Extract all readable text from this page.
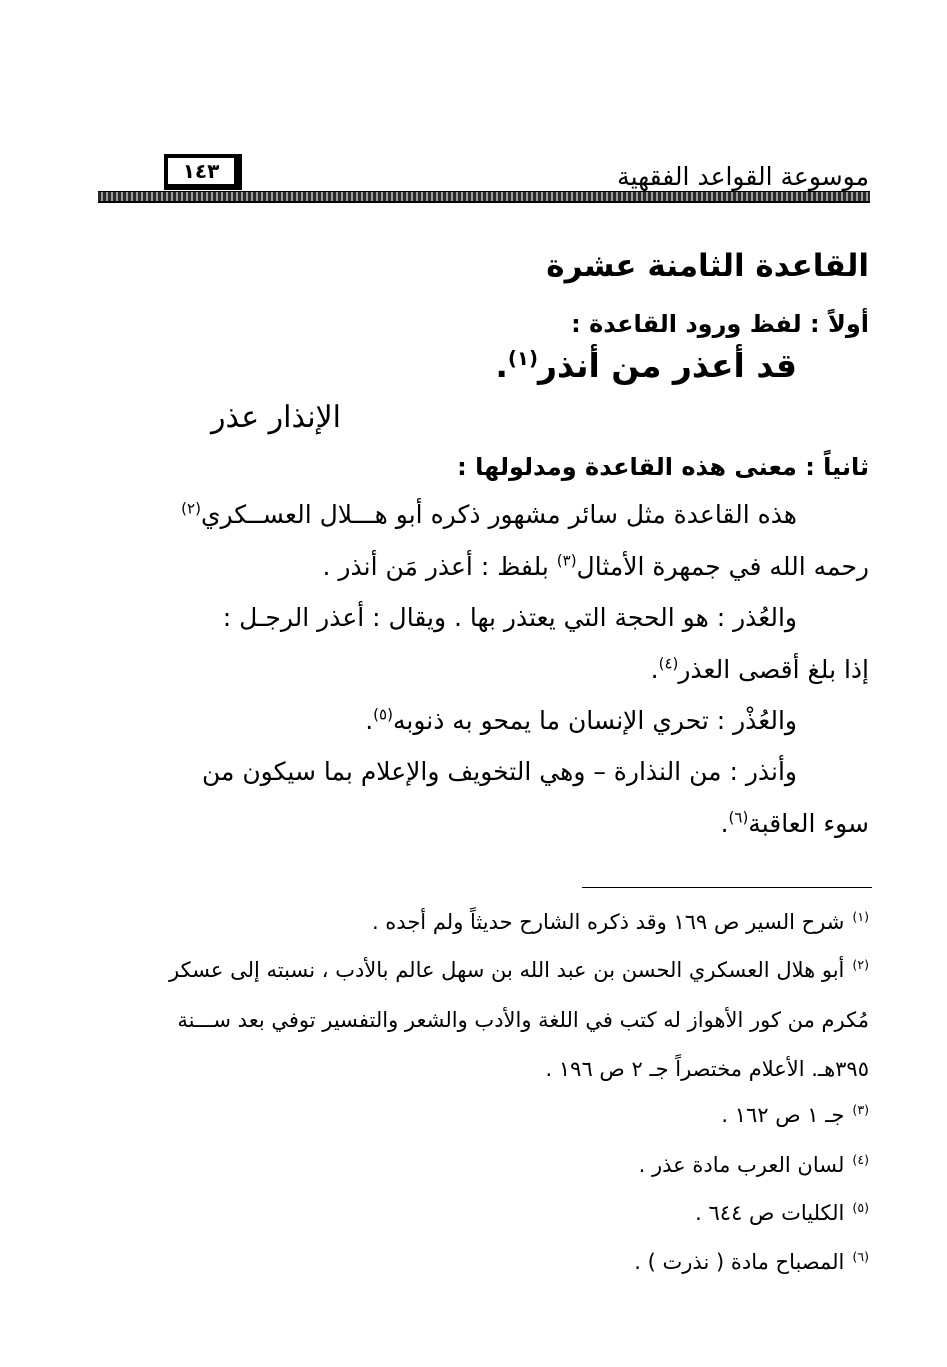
موسوعة القواعد الفقهية
١٤٣
القاعدة الثامنة عشرة
أولاً : لفظ ورود القاعدة :
قد أعذر من أنذر$^{(١)}$.
الإنذار عذر
ثانياً : معنى هذه القاعدة ومدلولها :
هذه القاعدة مثل سائر مشهور ذكره أبو هـــلال العســكري$^{(٢)}$
رحمه الله في جمهرة الأمثال$^{(٣)}$ بلفظ : أعذر مَن أنذر .
والعُذر : هو الحجة التي يعتذر بها . ويقال : أعذر الرجـل :
إذا بلغ أقصى العذر$^{(٤)}$.
والعُذْر : تحري الإنسان ما يمحو به ذنوبه$^{(٥)}$.
وأنذر : من النذارة – وهي التخويف والإعلام بما سيكون من
سوء العاقبة$^{(٦)}$.
$^{(١)}$شرح السير ص ١٦٩ وقد ذكره الشارح حديثاً ولم أجده .
$^{(٢)}$أبو هلال العسكري الحسن بن عبد الله بن سهل عالم بالأدب ، نسبته إلى عسكر
مُكرم من كور الأهواز له كتب في اللغة والأدب والشعر والتفسير توفي بعد ســـنة
٣٩٥هـ. الأعلام مختصراً جـ ٢ ص ١٩٦ .
$^{(٣)}$جـ ١ ص ١٦٢ .
$^{(٤)}$لسان العرب مادة عذر .
$^{(٥)}$الكليات ص ٦٤٤ .
$^{(٦)}$المصباح مادة ( نذرت ) .
